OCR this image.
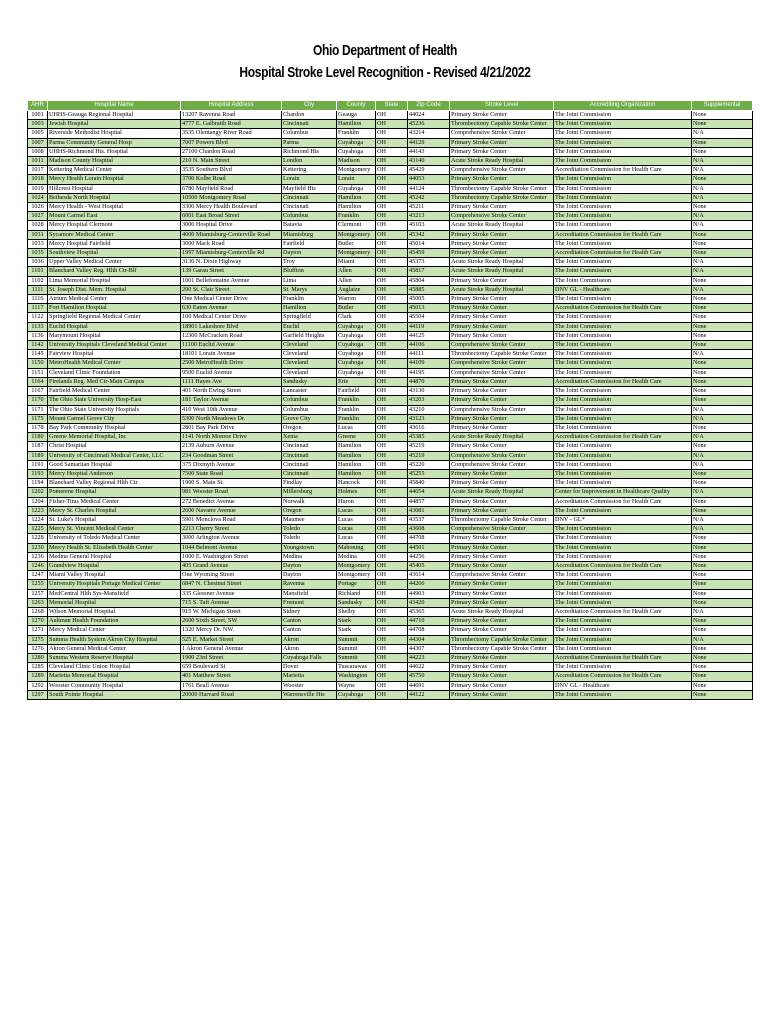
Ohio Department of Health
Hospital Stroke Level Recognition - Revised 4/21/2022
AHR	Hospital Name	Hospital Address	City	County	State	Zip Code	Stroke Level	Accrediting Organization	Supplemental
1001	UHHS-Geauga Regional Hospital	13207 Ravenna Road	Chardon	Geauga	OH	44024	Primary Stroke Center	The Joint Commission	None
1003	Jewish Hospital	4777 E. Galbraith Road	Cincinnati	Hamilton	OH	45236	Thrombectomy Capable Stroke Center	The Joint Commission	None
1005	Riverside Methodist Hospital	3535 Olentangy River Road	Columbus	Franklin	OH	43214	Comprehensive Stroke Center	The Joint Commission	N/A
1007	Parma Community General Hosp	7007 Powers Blvd	Parma	Cuyahoga	OH	44129	Primary Stroke Center	The Joint Commission	None
1008	UHHS-Richmond Hts. Hospital	27100 Chardon Road	Richmond Hts	Cuyahoga	OH	44143	Primary Stroke Center	The Joint Commission	None
1011	Madison County Hospital	210 N. Main Street	London	Madison	OH	43140	Acute Stroke Ready Hospital	The Joint Commission	N/A
1017	Kettering Medical Center	3535 Southern Blvd	Kettering	Montgomery	OH	45429	Comprehensive Stroke Center	Accreditation Commission for Health Care	N/A
1018	Mercy Health Lorain Hospital	3700 Kolbe Road	Lorain	Lorain	OH	44053	Primary Stroke Center	The Joint Commission	None
1019	Hillcrest Hospital	6780 Mayfield Road	Mayfield Hts	Cuyahoga	OH	44124	Thrombectomy Capable Stroke Center	The Joint Commission	N/A
1024	Bethesda North Hospital	10500 Montgomery Road	Cincinnati	Hamilton	OH	45242	Thrombectomy Capable Stroke Center	The Joint Commission	N/A
1026	Mercy Health - West Hospital	3300 Mercy Health Boulevard	Cincinnati	Hamilton	OH	45211	Primary Stroke Center	The Joint Commission	None
1027	Mount Carmel East	6001 East Broad Street	Columbus	Franklin	OH	43213	Comprehensive Stroke Center	The Joint Commission	N/A
1028	Mercy Hospital Clermont	3000 Hospital Drive	Batavia	Clermont	OH	45103	Acute Stroke Ready Hospital	The Joint Commission	N/A
1031	Sycamore Medical Center	4000 Miamisburg-Centerville Road	Miamisburg	Montgomery	OH	45342	Primary Stroke Center	Accreditation Commission for Health Care	None
1033	Mercy Hospital Fairfield	3000 Mack Road	Fairfield	Butler	OH	45014	Primary Stroke Center	The Joint Commission	None
1035	Southview Hospital	1997 Miamisburg-Centerville Rd	Dayton	Montgomery	OH	45459	Primary Stroke Center	Accreditation Commission for Health Care	None
1036	Upper Valley Medical Center	3130 N. Dixie Highway	Troy	Miami	OH	45373	Acute Stroke Ready Hospital	The Joint Commission	N/A
1101	Blanchard Valley Reg. Hlth Ctr-Blf	139 Garau Street	Bluffton	Allen	OH	45817	Acute Stroke Ready Hospital	The Joint Commission	N/A
1102	Lima Memorial Hospital	1001 Bellefontaine Avenue	Lima	Allen	OH	45804	Primary Stroke Center	The Joint Commission	None
1111	St. Joseph Dist. Mem. Hospital	200 St. Clair Street	St. Marys	Auglaize	OH	45885	Acute Stroke Ready Hospital	DNV GL - Healthcare	N/A
1116	Atrium Medical Center	One Medical Center Drive	Franklin	Warren	OH	45005	Primary Stroke Center	The Joint Commission	None
1117	Fort Hamilton Hospital	630 Eaton Avenue	Hamilton	Butler	OH	45013	Primary Stroke Center	Accreditation Commission for Health Care	None
1122	Springfield Regional Medical Center	100 Medical Center Drive	Springfield	Clark	OH	45504	Primary Stroke Center	The Joint Commission	None
1133	Euclid Hospital	18901 Lakeshore Blvd	Euclid	Cuyahoga	OH	44119	Primary Stroke Center	The Joint Commission	None
1136	Marymount Hospital	12300 McCracken Road	Garfield Heights	Cuyahoga	OH	44125	Primary Stroke Center	The Joint Commission	None
1142	University Hospitals Cleveland Medical Center	11100 Euclid Avenue	Cleveland	Cuyahoga	OH	44106	Comprehensive Stroke Center	The Joint Commission	None
1145	Fairview Hospital	18101 Lorain Avenue	Cleveland	Cuyahoga	OH	44111	Thrombectomy Capable Stroke Center	The Joint Commission	N/A
1150	MetroHealth Medical Center	2500 MetroHealth Drive	Cleveland	Cuyahoga	OH	44109	Comprehensive Stroke Center	The Joint Commission	None
1151	Cleveland Clinic Foundation	9500 Euclid Avenue	Cleveland	Cuyahoga	OH	44195	Comprehensive Stroke Center	The Joint Commission	None
1164	Firelands Reg. Med Ctr-Main Campus	1111 Hayes Ave	Sandusky	Erie	OH	44870	Primary Stroke Center	Accreditation Commission for Health Care	None
1167	Fairfield Medical Center	401 North Ewing Street	Lancaster	Fairfield	OH	43130	Primary Stroke Center	The Joint Commission	None
1170	The Ohio State University Hosp-East	181 Taylor Avenue	Columbus	Franklin	OH	43203	Primary Stroke Center	The Joint Commission	None
1171	The Ohio State University Hospitals	410 West 10th Avenue	Columbus	Franklin	OH	43210	Comprehensive Stroke Center	The Joint Commission	N/A
1175	Mount Carmel Grove City	5300 North Meadows Dr.	Grove City	Franklin	OH	43123	Primary Stroke Center	The Joint Commission	N/A
1178	Bay Park Community Hospital	2801 Bay Park Drive	Oregon	Lucas	OH	43616	Primary Stroke Center	The Joint Commission	None
1180	Greene Memorial Hospital, Inc	1141 North Monroe Drive	Xenia	Greene	OH	45385	Acute Stroke Ready Hospital	Accreditation Commission for Health Care	N/A
1187	Christ Hospital	2139 Auburn Avenue	Cincinnati	Hamilton	OH	45219	Primary Stroke Center	The Joint Commission	None
1189	University of Cincinnati Medical Center, LLC	234 Goodman Street	Cincinnati	Hamilton	OH	45219	Comprehensive Stroke Center	The Joint Commission	N/A
1191	Good Samaritan Hospital	375 Dixmyth Avenue	Cincinnati	Hamilton	OH	45220	Comprehensive Stroke Center	The Joint Commission	N/A
1193	Mercy Hospital Anderson	7500 State Road	Cincinnati	Hamilton	OH	45255	Primary Stroke Center	The Joint Commission	None
1194	Blanchard Valley Regional Hlth Ctr	1900 S. Main St.	Findlay	Hancock	OH	45840	Primary Stroke Center	The Joint Commission	None
1202	Pomerene Hospital	981 Wooster Road	Millersburg	Holmes	OH	44654	Acute Stroke Ready Hospital	Center for Improvement in Healthcare Quality	N/A
1204	Fisher-Titus Medical Center	272 Benedict Avenue	Norwalk	Huron	OH	44857	Primary Stroke Center	Accreditation Commission for Health Care	None
1223	Mercy St. Charles Hospital	2600 Navarre Avenue	Oregon	Lucas	OH	43081	Primary Stroke Center	The Joint Commission	None
1224	St. Luke's Hospital	5901 Monclova Road	Maumee	Lucas	OH	43537	Thrombectomy Capable Stroke Center	DNV - GL*	N/A
1225	Mercy St. Vincent Medical Center	2213 Cherry Street	Toledo	Lucas	OH	43608	Comprehensive Stroke Center	The Joint Commission	N/A
1228	University of Toledo Medical Center	3000 Arlington Avenue	Toledo	Lucas	OH	44708	Primary Stroke Center	The Joint Commission	None
1230	Mercy Health St. Elizabeth Health Center	1044 Belmont Avenue	Youngstown	Mahoning	OH	44501	Primary Stroke Center	The Joint Commission	None
1236	Medina General Hospital	1000 E. Washington Street	Medina	Medina	OH	44256	Primary Stroke Center	The Joint Commission	None
1246	Grandview Hospital	405 Grand Avenue	Dayton	Montgomery	OH	45405	Primary Stroke Center	Accreditation Commission for Health Care	None
1247	Miami Valley Hospital	One Wyoming Street	Dayton	Montgomery	OH	43614	Comprehensive Stroke Center	The Joint Commission	None
1255	University Hospitals Portage Medical Center	6847 N. Chestnut Street	Ravenna	Portage	OH	44266	Primary Stroke Center	The Joint Commission	None
1257	MedCentral Hlth Sys-Mansfield	335 Glessner Avenue	Mansfield	Richland	OH	44903	Primary Stroke Center	The Joint Commission	None
1263	Memorial Hospital	715 S. Taft Avenue	Fremont	Sandusky	OH	43420	Primary Stroke Center	The Joint Commission	None
1268	Wilson Memorial Hospital	915 W. Michigan Street	Sidney	Shelby	OH	45365	Acute Stroke Ready Hospital	Accreditation Commission for Health Care	N/A
1270	Aultman Health Foundation	2600 Sixth Street, SW	Canton	Stark	OH	44710	Primary Stroke Center	The Joint Commission	None
1271	Mercy Medical Center	1320 Mercy Dr. NW.	Canton	Stark	OH	44708	Primary Stroke Center	The Joint Commission	None
1275	Summa Health System Akron City Hospital	525 E. Market Street	Akron	Summit	OH	44304	Thrombectomy Capable Stroke Center	The Joint Commission	N/A
1276	Akron General Medical Center	1 Akron General Avenue	Akron	Summit	OH	44307	Thrombectomy Capable Stroke Center	The Joint Commission	None
1280	Summa Western Reserve Hospital	1900 23rd Street	Cuyahoga Falls	Summit	OH	44223	Primary Stroke Center	Accreditation Commission for Health Care	None
1285	Cleveland Clinic Union Hospital	659 Boulevard St	Dover	Tuscarawas	OH	44622	Primary Stroke Center	The Joint Commission	None
1289	Marietta Memorial Hospital	401 Matthew Street	Marietta	Washington	OH	45750	Primary Stroke Center	Accreditation Commission for Health Care	None
1292	Wooster Community Hospital	1761 Beall Avenue	Wooster	Wayne	OH	44691	Primary Stroke Center	DNV GL - Healthcare	None
1297	South Pointe Hospital	20000 Harvard Road	Warrensville Hts	Cuyahoga	OH	44122	Primary Stroke Center	The Joint Commission	None
